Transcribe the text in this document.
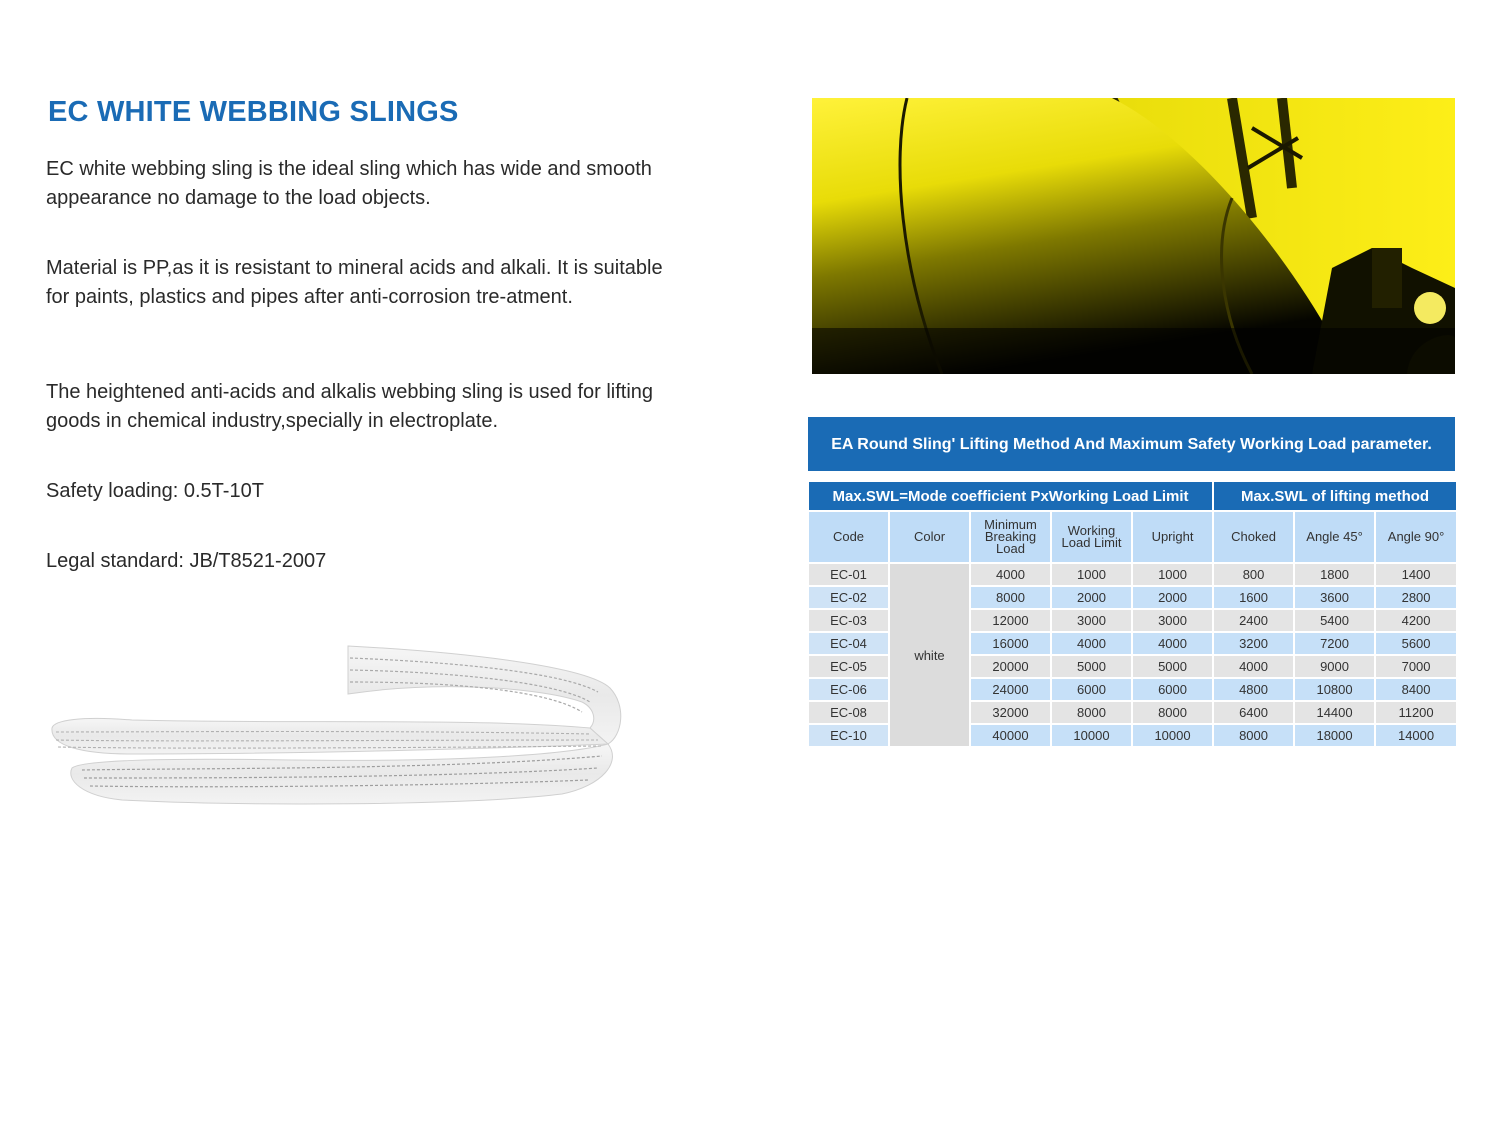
EC WHITE WEBBING SLINGS

EC white webbing sling is the ideal sling which has wide and smooth appearance no damage to the load objects.

Material is PP,as it is resistant to mineral acids and alkali. It is suitable for paints, plastics and pipes after anti-corrosion tre-atment.

The heightened anti-acids and alkalis webbing sling is used for lifting goods in chemical industry,specially in electroplate.

Safety loading: 0.5T-10T

Legal standard: JB/T8521-2007

EA Round Sling' Lifting Method And Maximum Safety Working Load parameter.
Max.SWL=Mode coefficient PxWorking Load Limit					Max.SWL of lifting method		
Code	Color	Minimum
Breaking
Load	Working
Load Limit	Upright	Choked	Angle 45°	Angle 90°
EC-01	white	4000	1000	1000	800	1800	1400
EC-02		8000	2000	2000	1600	3600	2800
EC-03		12000	3000	3000	2400	5400	4200
EC-04		16000	4000	4000	3200	7200	5600
EC-05		20000	5000	5000	4000	9000	7000
EC-06		24000	6000	6000	4800	10800	8400
EC-08		32000	8000	8000	6400	14400	11200
EC-10		40000	10000	10000	8000	18000	14000
